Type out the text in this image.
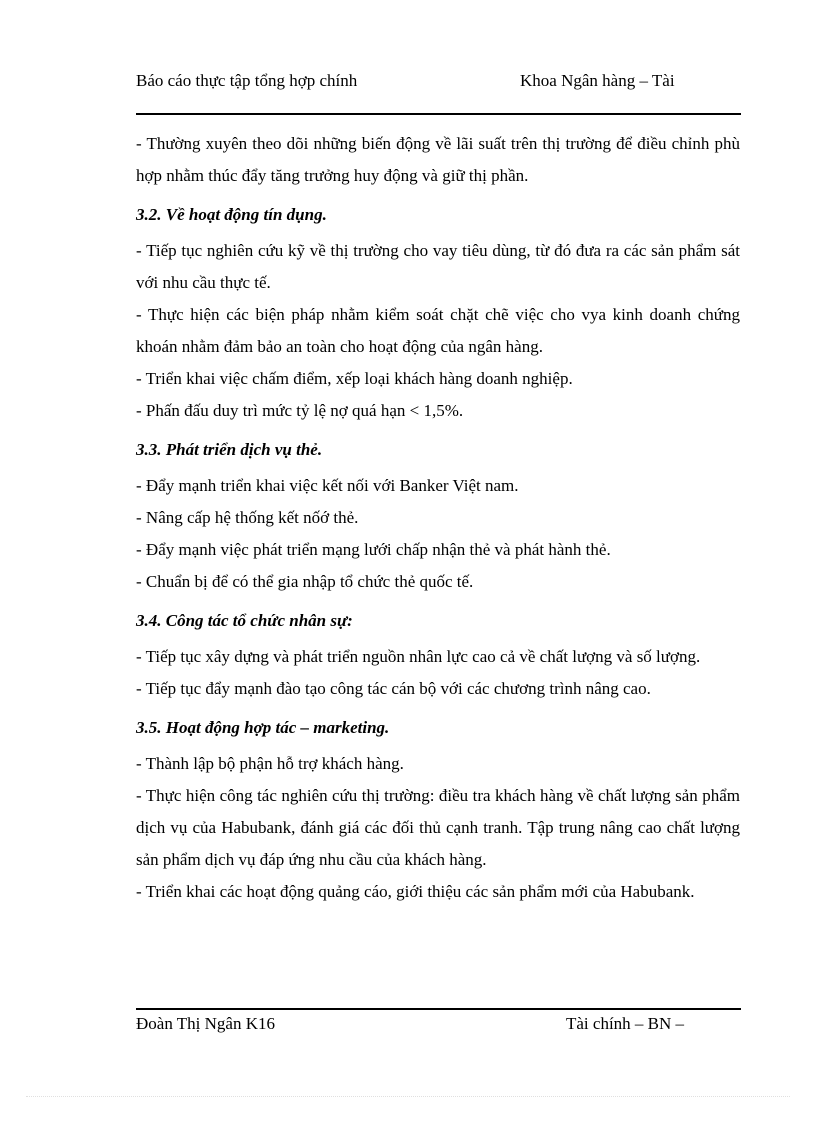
Báo cáo thực tập tổng hợp chính	Khoa Ngân hàng – Tài

- Thường xuyên theo dõi những biến động về lãi suất trên thị trường để điều chỉnh phù hợp nhằm thúc đẩy tăng trưởng huy động và giữ thị phần.

3.2. Về hoạt động tín dụng.

- Tiếp tục nghiên cứu kỹ về thị trường cho vay tiêu dùng, từ đó đưa ra các sản phẩm sát với nhu cầu thực tế.

- Thực hiện các biện pháp nhằm kiểm soát chặt chẽ việc cho vya kinh doanh chứng khoán nhằm đảm bảo an toàn cho hoạt động của ngân hàng.

- Triển khai việc chấm điểm, xếp loại khách hàng doanh nghiệp.

- Phấn đấu duy trì mức tỷ lệ nợ quá hạn < 1,5%.

3.3. Phát triển dịch vụ thẻ.

- Đẩy mạnh triển khai việc kết nối với Banker Việt nam.

- Nâng cấp hệ thống kết nốớ thẻ.

- Đẩy mạnh việc phát triển mạng lưới chấp nhận thẻ và phát hành thẻ.

- Chuẩn bị để có thể gia nhập tổ chức thẻ quốc tế.

3.4. Công tác tổ chức nhân sự:

- Tiếp tục xây dựng và phát triển nguồn nhân lực cao cả về chất lượng và số lượng.

- Tiếp tục đẩy mạnh đào tạo công tác cán bộ với các chương trình nâng cao.

3.5. Hoạt động hợp tác – marketing.

- Thành lập bộ phận hỗ trợ khách hàng.

- Thực hiện công tác nghiên cứu thị trường: điều tra khách hàng về chất lượng sản phẩm dịch vụ của Habubank, đánh giá các đối thủ cạnh tranh. Tập trung nâng cao chất lượng sản phẩm dịch vụ đáp ứng nhu cầu của khách hàng.

- Triển khai các hoạt động quảng cáo, giới thiệu các sản phẩm mới của Habubank.

Đoàn Thị Ngân K16	Tài chính – BN –
